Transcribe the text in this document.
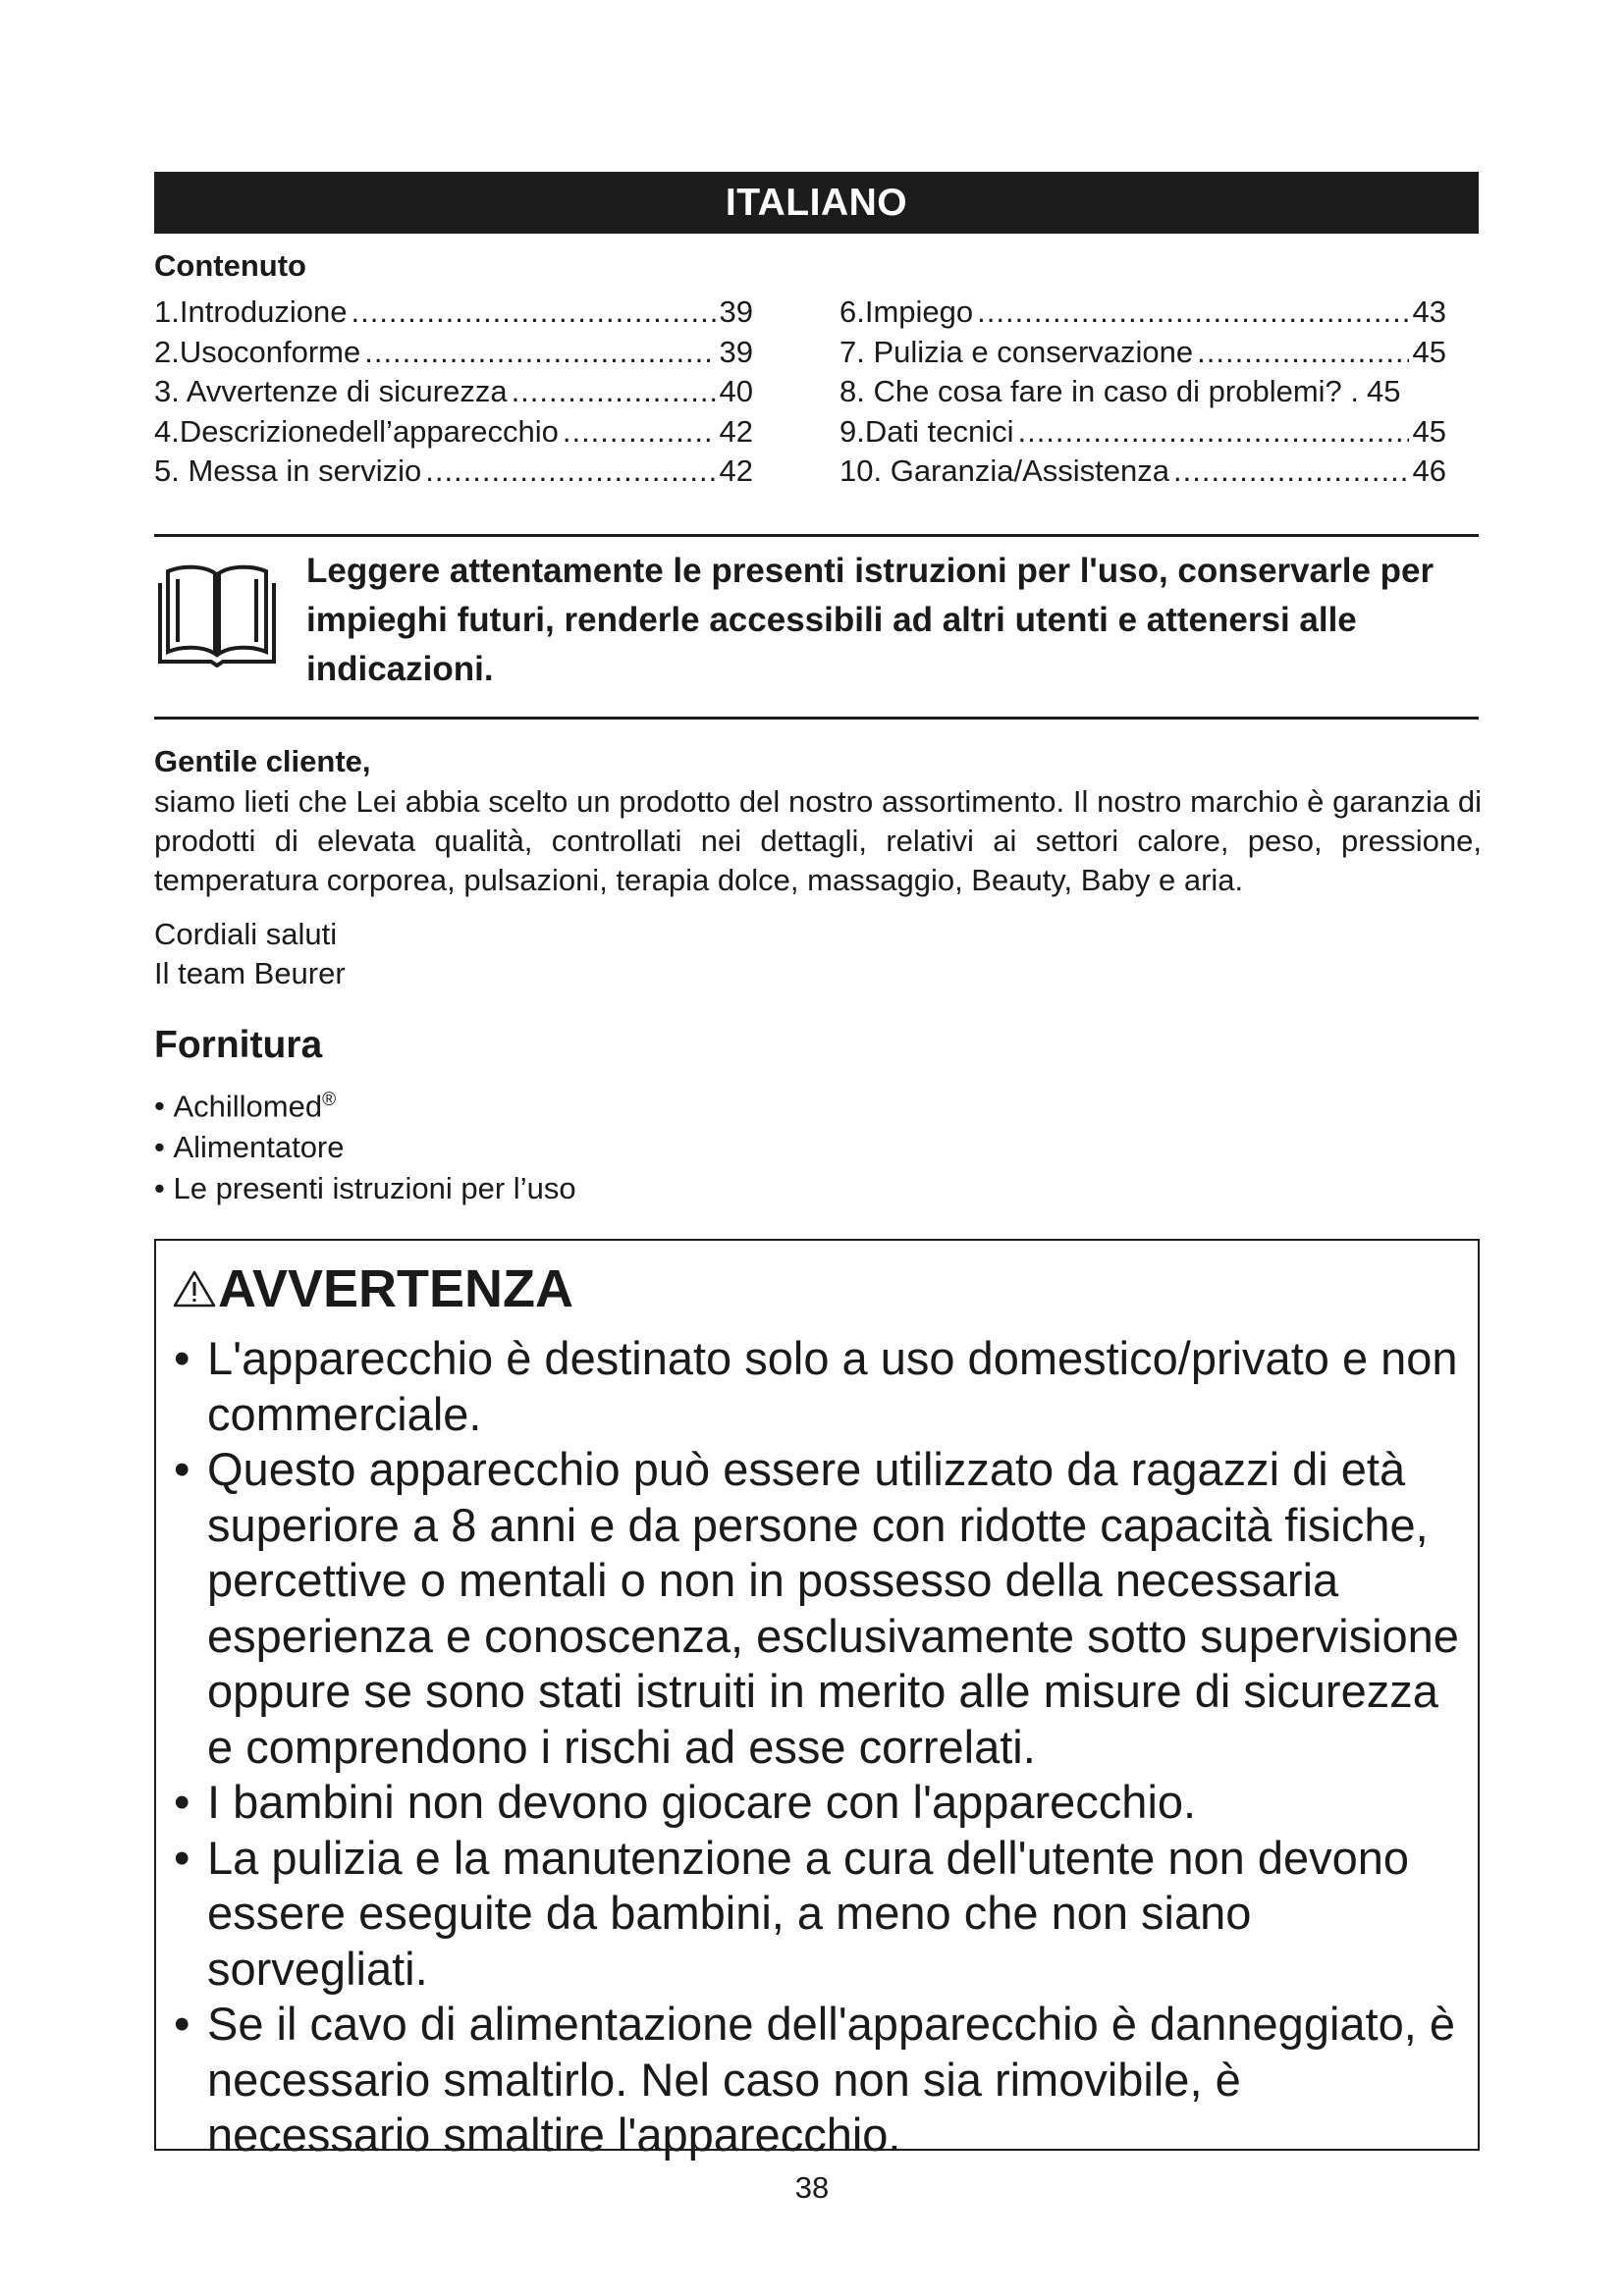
ITALIANO
Contenuto
1.Introduzione .....	39
2.Usoconforme .....	39
3. Avvertenze di sicurezza .....	40
4.Descrizionedell’apparecchio .....	42
5. Messa in servizio .....	42
6.Impiego .....	43
7. Pulizia e conservazione .....	45
8. Che cosa fare in caso di problemi? . 45
9.Dati tecnici .....	45
10. Garanzia/Assistenza .....	46
Leggere attentamente le presenti istruzioni per l'uso, conservarle per impieghi futuri, renderle accessibili ad altri utenti e attenersi alle indicazioni.
Gentile cliente,
siamo lieti che Lei abbia scelto un prodotto del nostro assortimento. Il nostro marchio è garanzia di prodotti di elevata qualità, controllati nei dettagli, relativi ai settori calore, peso, pressione, temperatura corporea, pulsazioni, terapia dolce, massaggio, Beauty, Baby e aria.
Cordiali saluti
Il team Beurer
Fornitura
• Achillomed®
• Alimentatore
• Le presenti istruzioni per l’uso
AVVERTENZA
• L'apparecchio è destinato solo a uso domestico/privato e non commerciale.
• Questo apparecchio può essere utilizzato da ragazzi di età superiore a 8 anni e da persone con ridotte capacità fisiche, percettive o mentali o non in possesso della necessaria esperienza e conoscenza, esclusivamente sotto supervisione oppure se sono stati istruiti in merito alle misure di sicurezza e comprendono i rischi ad esse correlati.
• I bambini non devono giocare con l'apparecchio.
• La pulizia e la manutenzione a cura dell'utente non devono essere eseguite da bambini, a meno che non siano sorvegliati.
• Se il cavo di alimentazione dell'apparecchio è danneggiato, è necessario smaltirlo. Nel caso non sia rimovibile, è necessario smaltire l'apparecchio.
38
